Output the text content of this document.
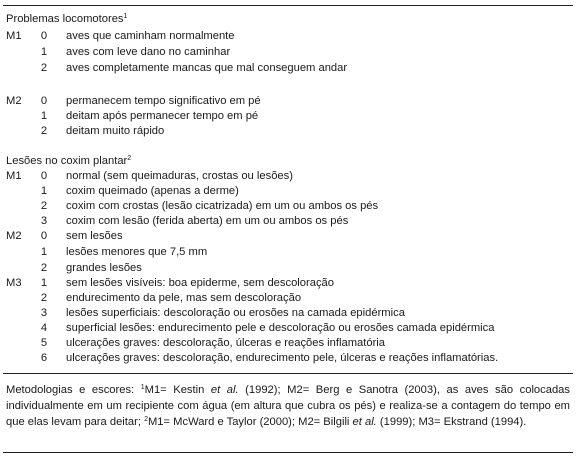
Problemas locomotores$^1$
M1 0 aves que caminham normalmente
1 aves com leve dano no caminhar
2 aves completamente mancas que mal conseguem andar
M2 0 permanecem tempo significativo em pé
1 deitam após permanecer tempo em pé
2 deitam muito rápido
Lesões no coxim plantar$^2$
M1 0 normal (sem queimaduras, crostas ou lesões)
1 coxim queimado (apenas a derme)
2 coxim com crostas (lesão cicatrizada) em um ou ambos os pés
3 coxim com lesão (ferida aberta) em um ou ambos os pés
M2 0 sem lesões
1 lesões menores que 7,5 mm
2 grandes lesões
M3 1 sem lesões visíveis: boa epiderme, sem descoloração
2 endurecimento da pele, mas sem descoloração
3 lesões superficiais: descoloração ou erosões na camada epidérmica
4 superficial lesões: endurecimento pele e descoloração ou erosões camada epidérmica
5 ulcerações graves: descoloração, úlceras e reações inflamatória
6 ulcerações graves: descoloração, endurecimento pele, úlceras e reações inflamatórias.
Metodologias e escores: $^1$M1= Kestin et al. (1992); M2= Berg e Sanotra (2003), as aves são colocadas individualmente em um recipiente com água (em altura que cubra os pés) e realiza-se a contagem do tempo em que elas levam para deitar; $^2$M1= McWard e Taylor (2000); M2= Bilgili et al. (1999); M3= Ekstrand (1994).
